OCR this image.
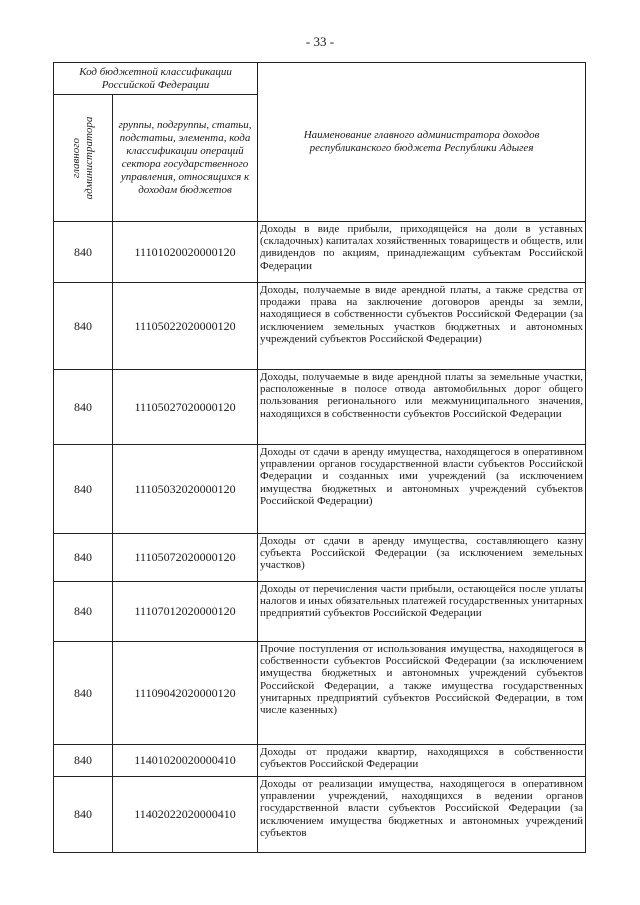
- 33 -
Код бюджетной классификации Российской Федерации		Наименование главного администратора доходов республиканского бюджета Республики Адыгея

главного администратора	группы, подгруппы, статьи, подстатьи, элемента, кода классификации операций сектора государственного управления, относящихся к доходам бюджетов	
840	11101020020000120	Доходы в виде прибыли, приходящейся на доли в уставных (складочных) капиталах хозяйственных товариществ и обществ, или дивидендов по акциям, принадлежащим субъектам Российской Федерации
840	11105022020000120	Доходы, получаемые в виде арендной платы, а также средства от продажи права на заключение договоров аренды за земли, находящиеся в собственности субъектов Российской Федерации (за исключением земельных участков бюджетных и автономных учреждений субъектов Российской Федерации)
840	11105027020000120	Доходы, получаемые в виде арендной платы за земельные участки, расположенные в полосе отвода автомобильных дорог общего пользования регионального или межмуниципального значения, находящихся в собственности субъектов Российской Федерации
840	11105032020000120	Доходы от сдачи в аренду имущества, находящегося в оперативном управлении органов государственной власти субъектов Российской Федерации и созданных ими учреждений (за исключением имущества бюджетных и автономных учреждений субъектов Российской Федерации)
840	11105072020000120	Доходы от сдачи в аренду имущества, составляющего казну субъекта Российской Федерации (за исключением земельных участков)
840	11107012020000120	Доходы от перечисления части прибыли, остающейся после уплаты налогов и иных обязательных платежей государственных унитарных предприятий субъектов Российской Федерации
840	11109042020000120	Прочие поступления от использования имущества, находящегося в собственности субъектов Российской Федерации (за исключением имущества бюджетных и автономных учреждений субъектов Российской Федерации, а также имущества государственных унитарных предприятий субъектов Российской Федерации, в том числе казенных)
840	11401020020000410	Доходы от продажи квартир, находящихся в собственности субъектов Российской Федерации
840	11402022020000410	Доходы от реализации имущества, находящегося в оперативном управлении учреждений, находящихся в ведении органов государственной власти субъектов Российской Федерации (за исключением имущества бюджетных и автономных учреждений субъектов
